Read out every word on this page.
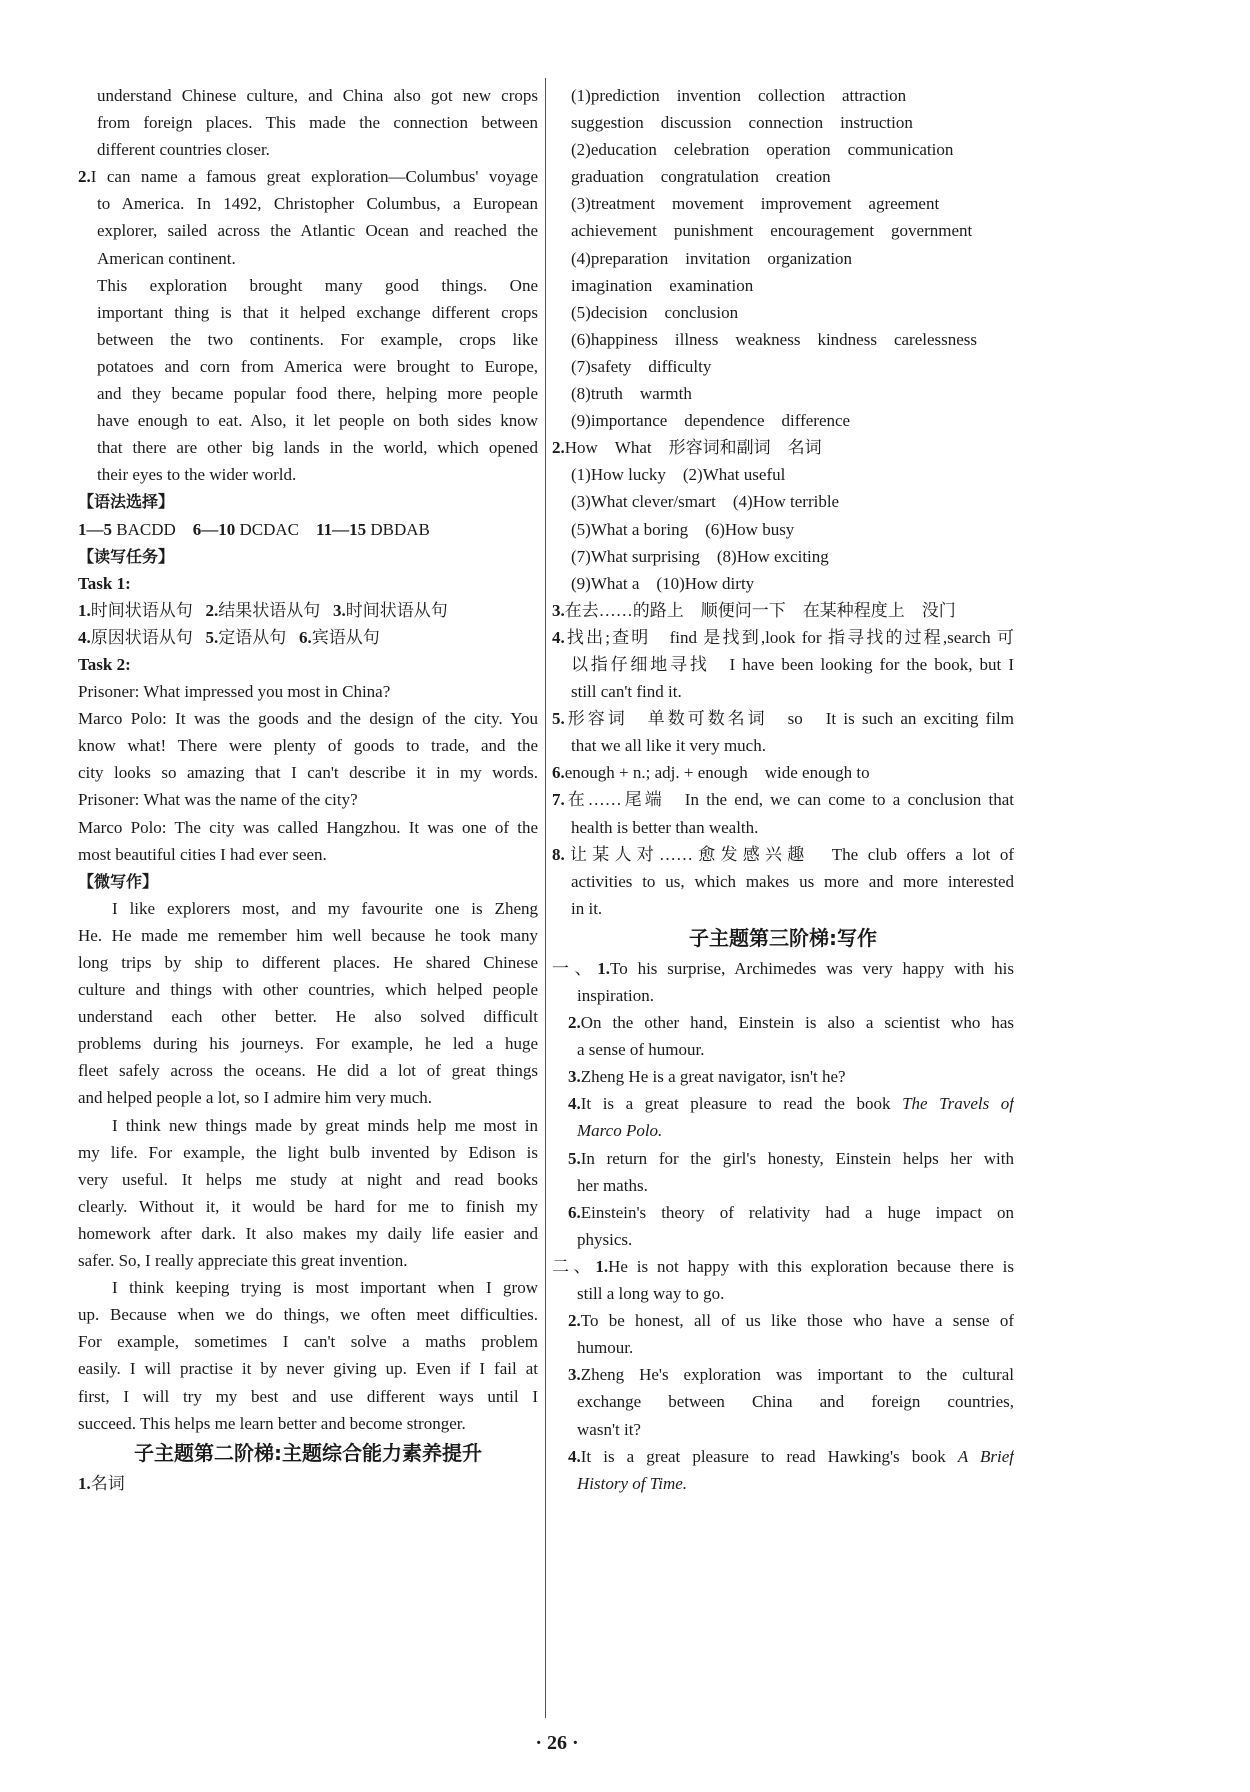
understand Chinese culture, and China also got new crops
from foreign places. This made the connection between
different countries closer.
2.I can name a famous great exploration—Columbus' voyage
to America. In 1492, Christopher Columbus, a European
explorer, sailed across the Atlantic Ocean and reached the
American continent.
This exploration brought many good things. One
important thing is that it helped exchange different crops
between the two continents. For example, crops like
potatoes and corn from America were brought to Europe,
and they became popular food there, helping more people
have enough to eat. Also, it let people on both sides know
that there are other big lands in the world, which opened
their eyes to the wider world.
【语法选择】
1—5 BACDD 6—10 DCDAC 11—15 DBDAB
【读写任务】
Task 1:
1.时间状语从句 2.结果状语从句 3.时间状语从句
4.原因状语从句 5.定语从句 6.宾语从句
Task 2:
Prisoner: What impressed you most in China?
Marco Polo: It was the goods and the design of the city. You
know what! There were plenty of goods to trade, and the
city looks so amazing that I can't describe it in my words.
Prisoner: What was the name of the city?
Marco Polo: The city was called Hangzhou. It was one of the
most beautiful cities I had ever seen.
【微写作】
I like explorers most, and my favourite one is Zheng
He. He made me remember him well because he took many
long trips by ship to different places. He shared Chinese
culture and things with other countries, which helped people
understand each other better. He also solved difficult
problems during his journeys. For example, he led a huge
fleet safely across the oceans. He did a lot of great things
and helped people a lot, so I admire him very much.
I think new things made by great minds help me most in
my life. For example, the light bulb invented by Edison is
very useful. It helps me study at night and read books
clearly. Without it, it would be hard for me to finish my
homework after dark. It also makes my daily life easier and
safer. So, I really appreciate this great invention.
I think keeping trying is most important when I grow
up. Because when we do things, we often meet difficulties.
For example, sometimes I can't solve a maths problem
easily. I will practise it by never giving up. Even if I fail at
first, I will try my best and use different ways until I
succeed. This helps me learn better and become stronger.
子主题第二阶梯:主题综合能力素养提升
1.名词
(1)prediction　invention　collection　attraction
suggestion　discussion　connection　instruction
(2)education　celebration　operation　communication
graduation　congratulation　creation
(3)treatment　movement　improvement　agreement
achievement　punishment　encouragement　government
(4)preparation　invitation　organization
imagination　examination
(5)decision　conclusion
(6)happiness　illness　weakness　kindness　carelessness
(7)safety　difficulty
(8)truth　warmth
(9)importance　dependence　difference
2.How　What　形容词和副词　名词
(1)How lucky　(2)What useful
(3)What clever/smart　(4)How terrible
(5)What a boring　(6)How busy
(7)What surprising　(8)How exciting
(9)What a　(10)How dirty
3.在去……的路上　顺便问一下　在某种程度上　没门
4.找出;查明　find 是找到,look for 指寻找的过程,search 可
以指仔细地寻找　I have been looking for the book, but I
still can't find it.
5.形容词　单数可数名词　so　It is such an exciting film
that we all like it very much.
6.enough + n.; adj. + enough　wide enough to
7.在……尾端　In the end, we can come to a conclusion that
health is better than wealth.
8.让某人对……愈发感兴趣　The club offers a lot of
activities to us, which makes us more and more interested
in it.
子主题第三阶梯:写作
一、1.To his surprise, Archimedes was very happy with his
inspiration.
2.On the other hand, Einstein is also a scientist who has
a sense of humour.
3.Zheng He is a great navigator, isn't he?
4.It is a great pleasure to read the book The Travels of
Marco Polo.
5.In return for the girl's honesty, Einstein helps her with
her maths.
6.Einstein's theory of relativity had a huge impact on
physics.
二、1.He is not happy with this exploration because there is
still a long way to go.
2.To be honest, all of us like those who have a sense of
humour.
3.Zheng He's exploration was important to the cultural
exchange between China and foreign countries,
wasn't it?
4.It is a great pleasure to read Hawking's book A Brief
History of Time.
· 26 ·
